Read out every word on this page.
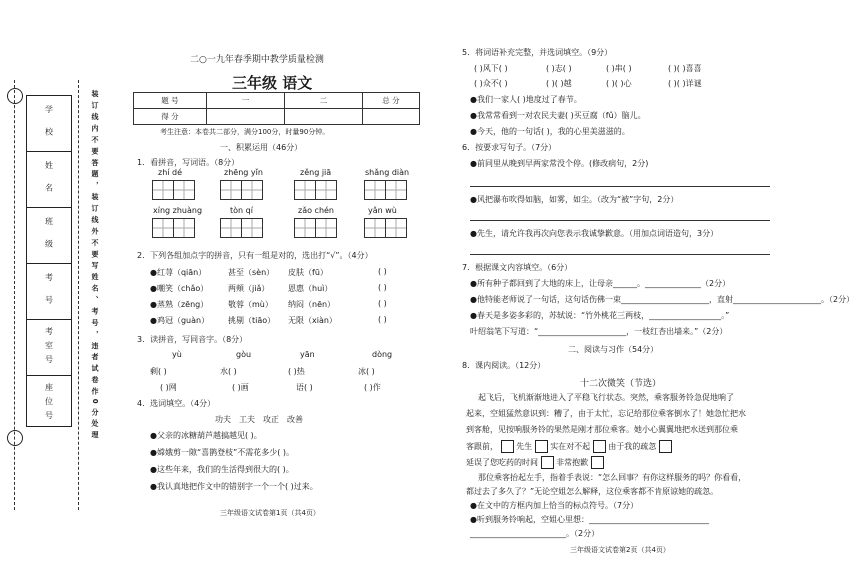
学 校
姓 名
班 级
考 号
考室号
座位号	装 订 线 内 不 要 答 题 ， 装 订 线 外 不 要 写 姓 名 、 考 号 ， 违 者 试 卷 作 0 分 处 理
二○一九年春季期中教学质量检测
三年级 语文
题 号	一	二	总 分
得 分			
考生注意：本卷共二部分，满分100分，时量90分钟。
一、积累运用（46分）
1．看拼音，写词语。（8分）
zhí dé	zhēng yǐn	zěng jiā	shǎng diàn
xíng zhuàng	tòn qí	zǎo chén	yǎn wù
2．下列各组加点字的拼音，只有一组是对的，选出打“√”。（4分）
●红荨（qiān）	甚至（sèn） 皮肤（fū）	( )
●嘲笑（chǎo） 两頰（jiǎ） 恩惠（huì）	( )
●蒸熟（zēng） 敬蓉（mù） 纳闷（nēn）	( )
●鸡冠（guàn） 挑剔（tiāo） 无限（xiàn）	( )
3．读拼音，写同音字。（8分）
yù	gòu	yān	dòng
剩( )	水( )	( )热	冰( )
( )网	( )画	语( )	( )作
4．选词填空。（4分）
功夫　工夫　攻正　改善
●父亲的冰糖葫芦越搞越见( )。
●嫦娥剪一隙“喜鹊登枝”不需花多少( )。
●这些年来，我们的生活得到很大的( )。
●我认真地把作文中的错别字一个一个( )过来。
三年级语文试卷第1页（共4页）
5．将词语补充完整，并选词填空。（9分）
( )风下( )	( )志( )	( )串( )	( )( )喜喜
( )众不( )	( )( )越	( )( )心	( )( )详谜
●我们一家人( )地度过了春节。
●我常常看到一对农民夫妻( )买豆腐（fǔ）脑儿。
●今天，他的一句话( )，我的心里美滋滋的。
6．按要求写句子。（7分）
●前同里从晚到早两家常没个停。(修改病句，2分)
●风把瀑布吹得如脑，如雾，如尘。（改为“被”字句，2分）
●先生，请允许我再次向您表示我诚挚歉意。（用加点词语造句，3分）
7．根据课文内容填空。（6分）
●所有种子都回到了大地的床上，让母亲______。______________（2分）
●他特能老师说了一句话，这句话伤佛一束______________________，直射______________________。（2分）
●春天是多姿多彩的，苏轼说：“竹外桃花三两枝，__________________。”
叶绍翁笔下写道：“______________________，一枝红杏出墙来。”（2分）
二、阅读与习作（54分）
8．课内阅读。（12分）
十二次微笑（节选）
起飞后，飞机渐渐地进入了平稳飞行状态。突然，乘客服务铃急促地响了
起来，空姐猛然意识到：糟了，由于太忙，忘记给那位乘客倒水了！她急忙把水
到客舱，见按响服务铃的果然是刚才那位乘客。她小心翼翼地把水送到那位乘
客跟前， 先生 实在对不起 由于我的疏忽
延误了您吃药的时间 非常抱歉
那位乘客抬起左手，指着手表说：“怎么回事？有你这样服务的吗？你看看，
都过去了多久了？”无论空姐怎么解释，这位乘客都不肯原谅她的疏忽。
●在文中的方框内加上恰当的标点符号。（7分）
●听到服务铃响起，空姐心里想：______________________________
________________________。（2分）
三年级语文试卷第2页（共4页）
